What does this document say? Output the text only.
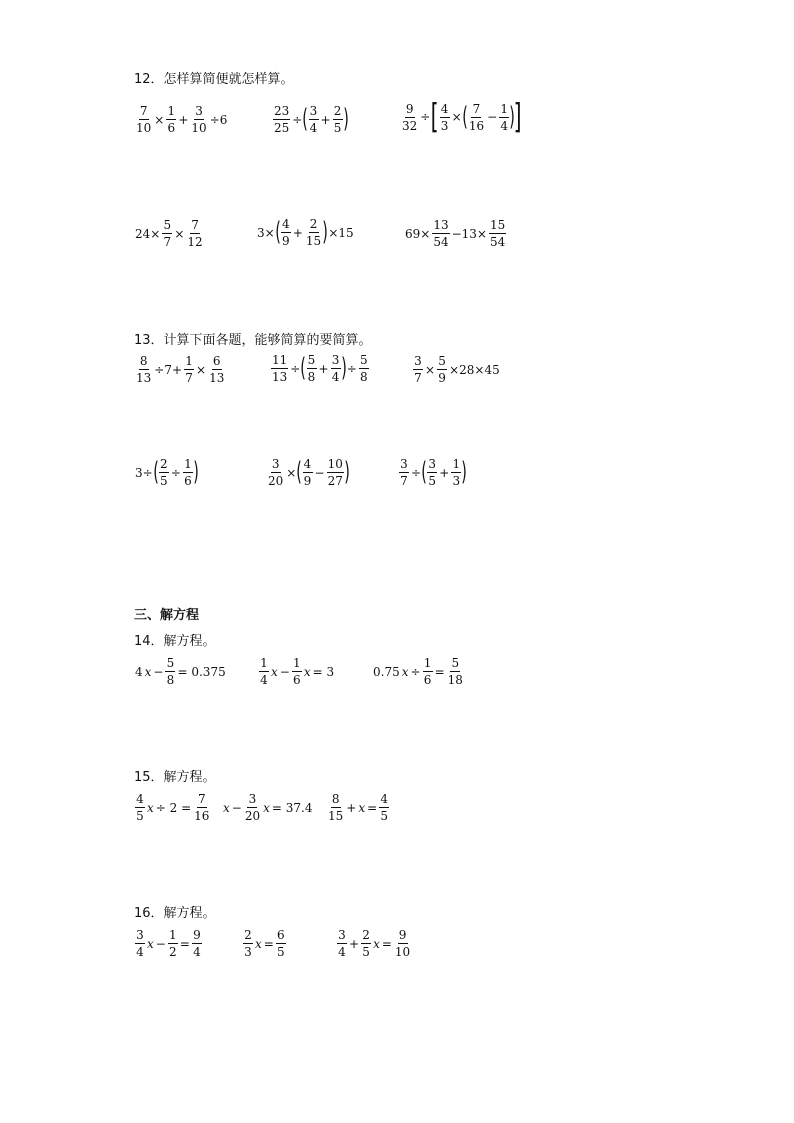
12．怎样算简便就怎样算。
$\frac{7}{10} \times \frac{1}{6} + \frac{3}{10} \div 6$	$\frac{23}{25}$ ÷ ( $\frac{3}{4} + \frac{2}{5}$ )	$\frac{9}{32}$ ÷ [ $\frac{4}{3}$ × ( $\frac{7}{16} - \frac{1}{4}$ )
]
$24\times \frac{5}{7} \times \frac{7}{12}$	3× ( $\frac{4}{9} + \frac{2}{15}$ ) ×15	$69\times \frac{13}{54} -13\times \frac{15}{54}$
13．计算下面各题，能够简算的要简算。
$\frac{8}{13} \div 7+ \frac{1}{7} \times \frac{6}{13}$	$\frac{11}{13}$ ÷ ( $\frac{5}{8} + \frac{3}{4}$ ) ÷ $\frac{5}{8}$	$\frac{3}{7} \times \frac{5}{9} \times 28\times 45$
3÷ ( $\frac{2}{5} \div \frac{1}{6}$ )	$\frac{3}{20}$ × ( $\frac{4}{9} - \frac{10}{27}$ )	$\frac{3}{7}$ ÷ ( $\frac{3}{5} + \frac{1}{3}$ )
三、解方程
14．解方程。
4 $x - \frac{5}{8} = 0.375$	$\frac{1}{4}$ $x - \frac{1}{6}$ x = 3	0.75 $x \div \frac{1}{6} = \frac{5}{18}$
15．解方程。
$\frac{4}{5}$ $x \div 2 = \frac{7}{16}$ $x - \frac{3}{20}$ $x = 37.4 \frac{8}{15} + x = \frac{4}{5}$
16．解方程。
$\frac{3}{4}$ $x - \frac{1}{2} = \frac{9}{4}$	$\frac{2}{3}$ $x = \frac{6}{5}$	$\frac{3}{4} + \frac{2}{5}$ $x = \frac{9}{10}$
